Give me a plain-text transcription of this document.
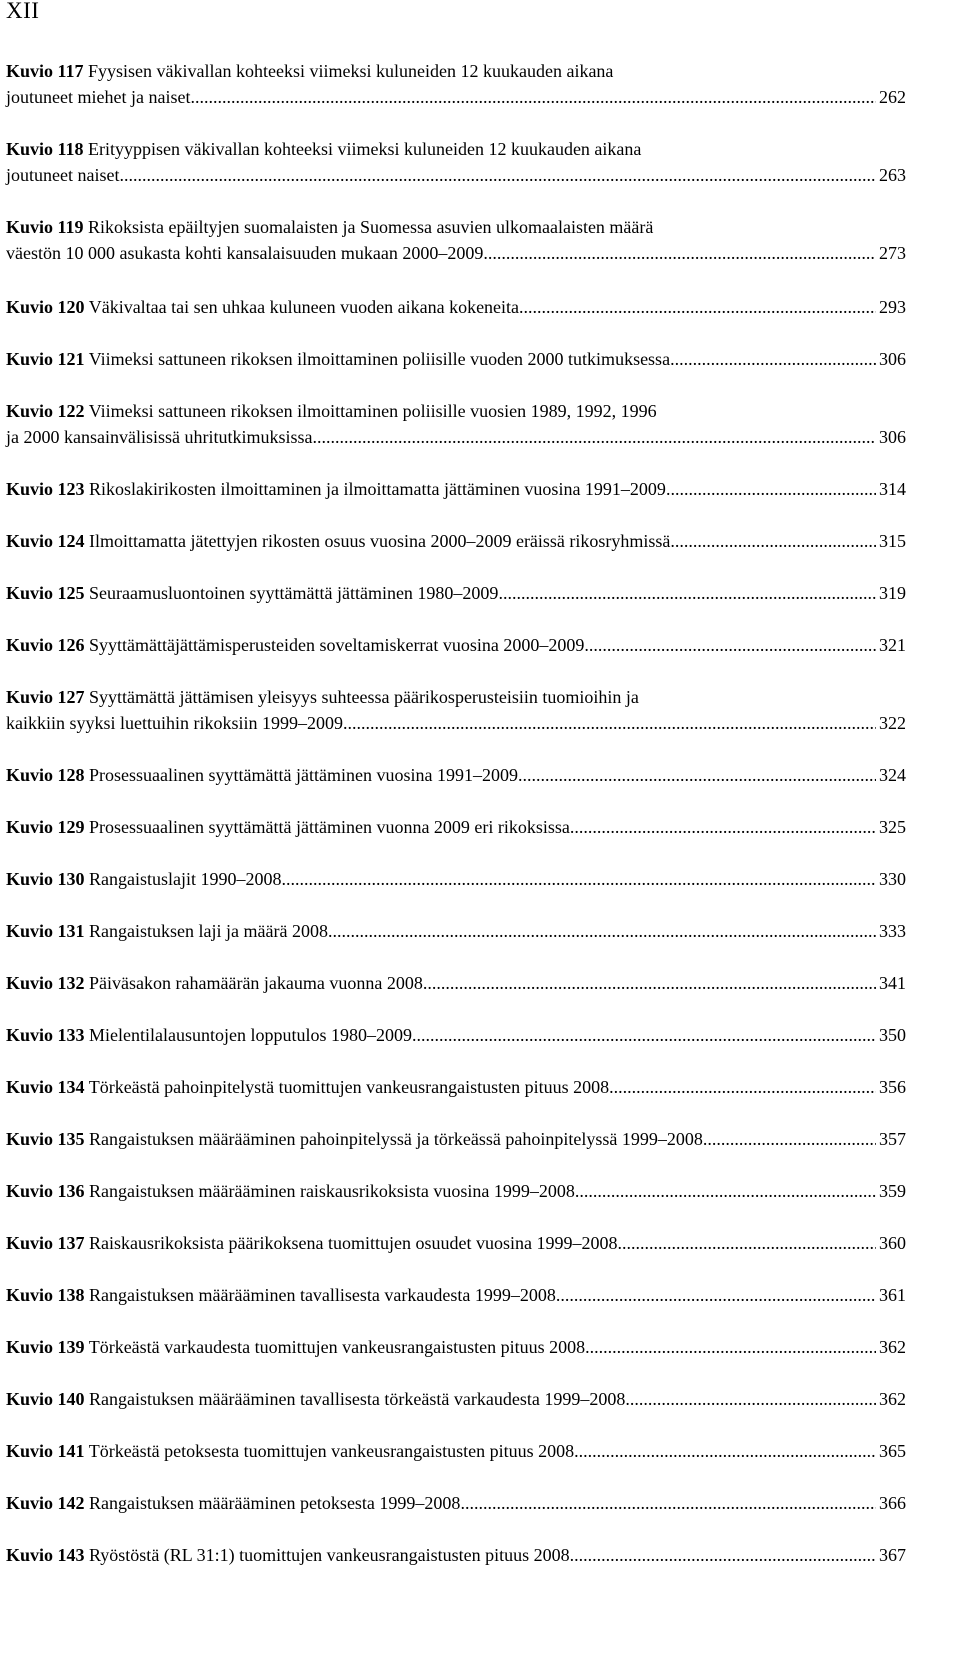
XII
Kuvio 117 Fyysisen väkivallan kohteeksi viimeksi kuluneiden 12 kuukauden aikana
joutuneet miehet ja naiset. .....	262
Kuvio 118 Erityyppisen väkivallan kohteeksi viimeksi kuluneiden 12 kuukauden aikana
joutuneet naiset .....	263
Kuvio 119 Rikoksista epäiltyjen suomalaisten ja Suomessa asuvien ulkomaalaisten määrä
väestön 10 000 asukasta kohti kansalaisuuden mukaan 2000–2009 .....	273
Kuvio 120 Väkivaltaa tai sen uhkaa kuluneen vuoden aikana kokeneita .....	293
Kuvio 121 Viimeksi sattuneen rikoksen ilmoittaminen poliisille vuoden 2000 tutkimuksessa .....	306
Kuvio 122 Viimeksi sattuneen rikoksen ilmoittaminen poliisille vuosien 1989, 1992, 1996
ja 2000 kansainvälisissä uhritutkimuksissa .....	306
Kuvio 123 Rikoslakirikosten ilmoittaminen ja ilmoittamatta jättäminen vuosina 1991–2009 .....	314
Kuvio 124 Ilmoittamatta jätettyjen rikosten osuus vuosina 2000–2009 eräissä rikosryhmissä .....	315
Kuvio 125 Seuraamusluontoinen syyttämättä jättäminen 1980–2009 .....	319
Kuvio 126 Syyttämättäjättämisperusteiden soveltamiskerrat vuosina 2000–2009 .....	321
Kuvio 127 Syyttämättä jättämisen yleisyys suhteessa päärikosperusteisiin tuomioihin ja
kaikkiin syyksi luettuihin rikoksiin 1999–2009 .....	322
Kuvio 128 Prosessuaalinen syyttämättä jättäminen vuosina 1991–2009 .....	324
Kuvio 129 Prosessuaalinen syyttämättä jättäminen vuonna 2009 eri rikoksissa .....	325
Kuvio 130 Rangaistuslajit 1990–2008 .....	330
Kuvio 131 Rangaistuksen laji ja määrä 2008 .....	333
Kuvio 132 Päiväsakon rahamäärän jakauma vuonna 2008 .....	341
Kuvio 133 Mielentilalausuntojen lopputulos 1980–2009 .....	350
Kuvio 134 Törkeästä pahoinpitelystä tuomittujen vankeusrangaistusten pituus 2008 .....	356
Kuvio 135 Rangaistuksen määrääminen pahoinpitelyssä ja törkeässä pahoinpitelyssä 1999–2008 .....	357
Kuvio 136 Rangaistuksen määrääminen raiskausrikoksista vuosina 1999–2008 .....	359
Kuvio 137 Raiskausrikoksista päärikoksena tuomittujen osuudet vuosina 1999–2008 .....	360
Kuvio 138 Rangaistuksen määrääminen tavallisesta varkaudesta 1999–2008 .....	361
Kuvio 139 Törkeästä varkaudesta tuomittujen vankeusrangaistusten pituus 2008 .....	362
Kuvio 140 Rangaistuksen määrääminen tavallisesta törkeästä varkaudesta 1999–2008 .....	362
Kuvio 141 Törkeästä petoksesta tuomittujen vankeusrangaistusten pituus 2008 .....	365
Kuvio 142 Rangaistuksen määrääminen petoksesta 1999–2008 .....	366
Kuvio 143 Ryöstöstä (RL 31:1) tuomittujen vankeusrangaistusten pituus 2008 .....	367
